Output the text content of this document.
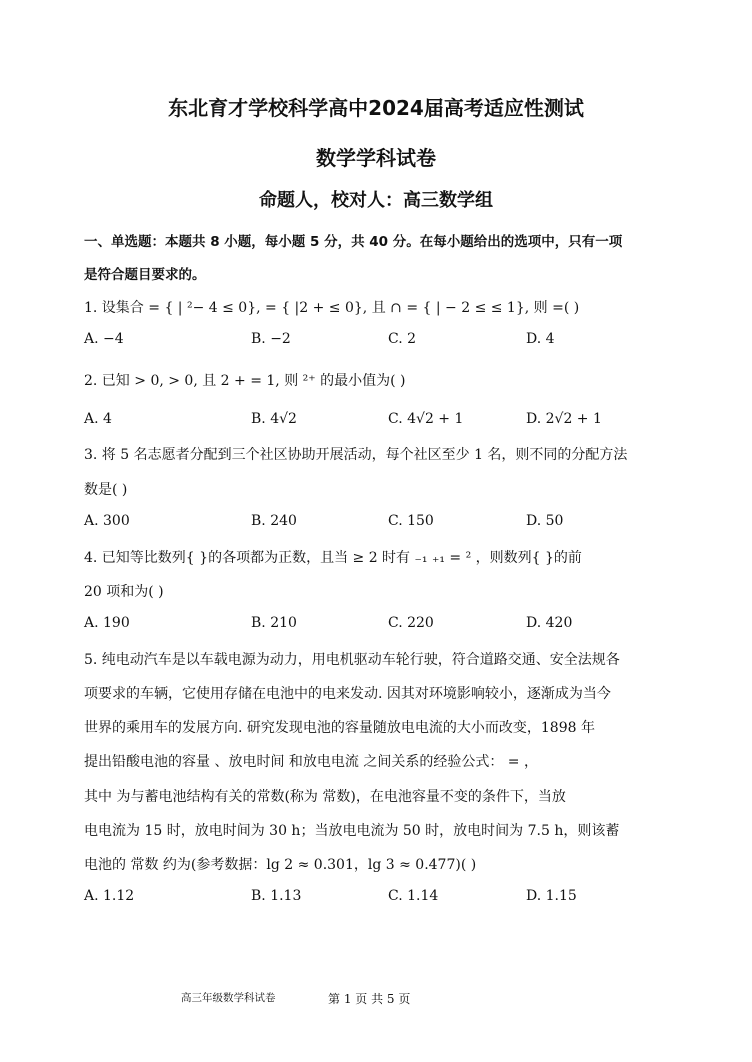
东北育才学校科学高中2024届高考适应性测试
数学学科试卷
命题人，校对人：高三数学组
一、单选题：本题共 8 小题，每小题 5 分，共 40 分。在每小题给出的选项中，只有一项
是符合题目要求的。
1. 设集合 = { | ²− 4 ≤ 0}, = { |2 + ≤ 0}, 且 ∩ = { | − 2 ≤ ≤ 1}, 则 =( )
A. −4	B. −2	C. 2	D. 4
2. 已知 > 0, > 0, 且 2 + = 1, 则 ²⁺ 的最小值为( )
A. 4	B. 4√2	C. 4√2 + 1	D. 2√2 + 1
3. 将 5 名志愿者分配到三个社区协助开展活动，每个社区至少 1 名，则不同的分配方法
数是( )
A. 300	B. 240	C. 150	D. 50
4. 已知等比数列{ }的各项都为正数，且当 ≥ 2 时有 ₋₁ ₊₁ = ² ，则数列{ }的前
20 项和为( )
A. 190	B. 210	C. 220	D. 420
5. 纯电动汽车是以车载电源为动力，用电机驱动车轮行驶，符合道路交通、安全法规各
项要求的车辆，它使用存储在电池中的电来发动. 因其对环境影响较小，逐渐成为当今
世界的乘用车的发展方向. 研究发现电池的容量随放电电流的大小而改变，1898 年
提出铅酸电池的容量 、放电时间 和放电电流 之间关系的经验公式： = ，
其中 为与蓄电池结构有关的常数(称为 常数)，在电池容量不变的条件下，当放
电电流为 15 时，放电时间为 30 h；当放电电流为 50 时，放电时间为 7.5 h，则该蓄
电池的 常数 约为(参考数据：lg 2 ≈ 0.301，lg 3 ≈ 0.477)( )
A. 1.12	B. 1.13	C. 1.14	D. 1.15
高三年级数学科试卷	第 1 页 共 5 页
